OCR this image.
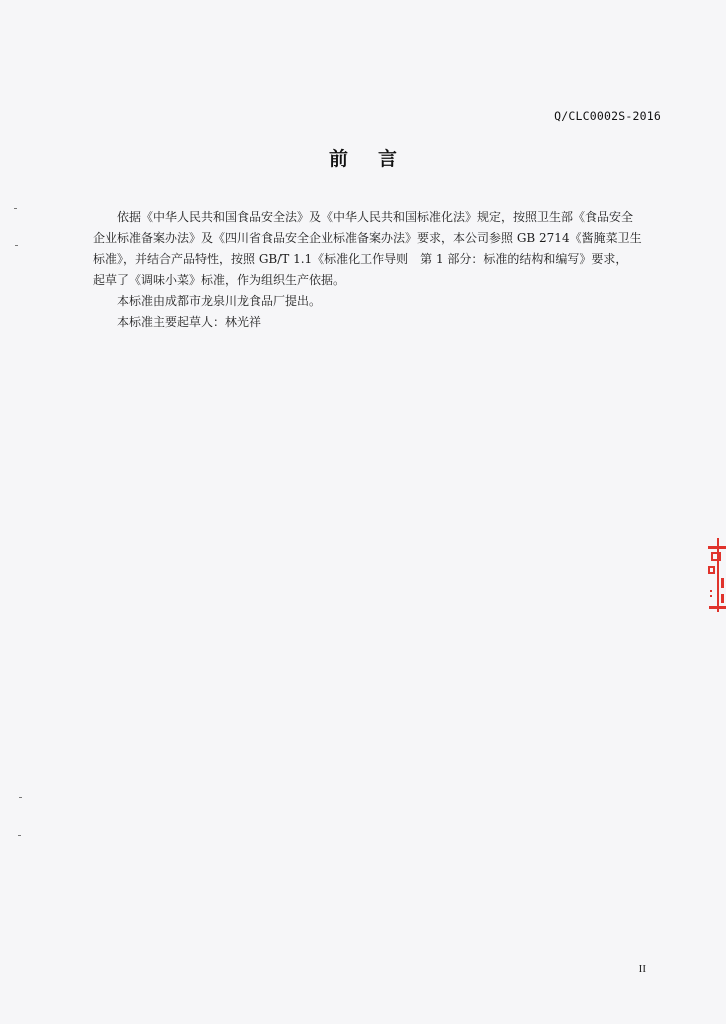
Q/CLC0002S-2016
前 言
依据《中华人民共和国食品安全法》及《中华人民共和国标准化法》规定，按照卫生部《食品安全
企业标准备案办法》及《四川省食品安全企业标准备案办法》要求，本公司参照 GB 2714《酱腌菜卫生
标准》，并结合产品特性，按照 GB/T 1.1《标准化工作导则　第 1 部分：标准的结构和编写》要求，
起草了《调味小菜》标准，作为组织生产依据。

本标准由成都市龙泉川龙食品厂提出。

本标准主要起草人：林光祥

II
